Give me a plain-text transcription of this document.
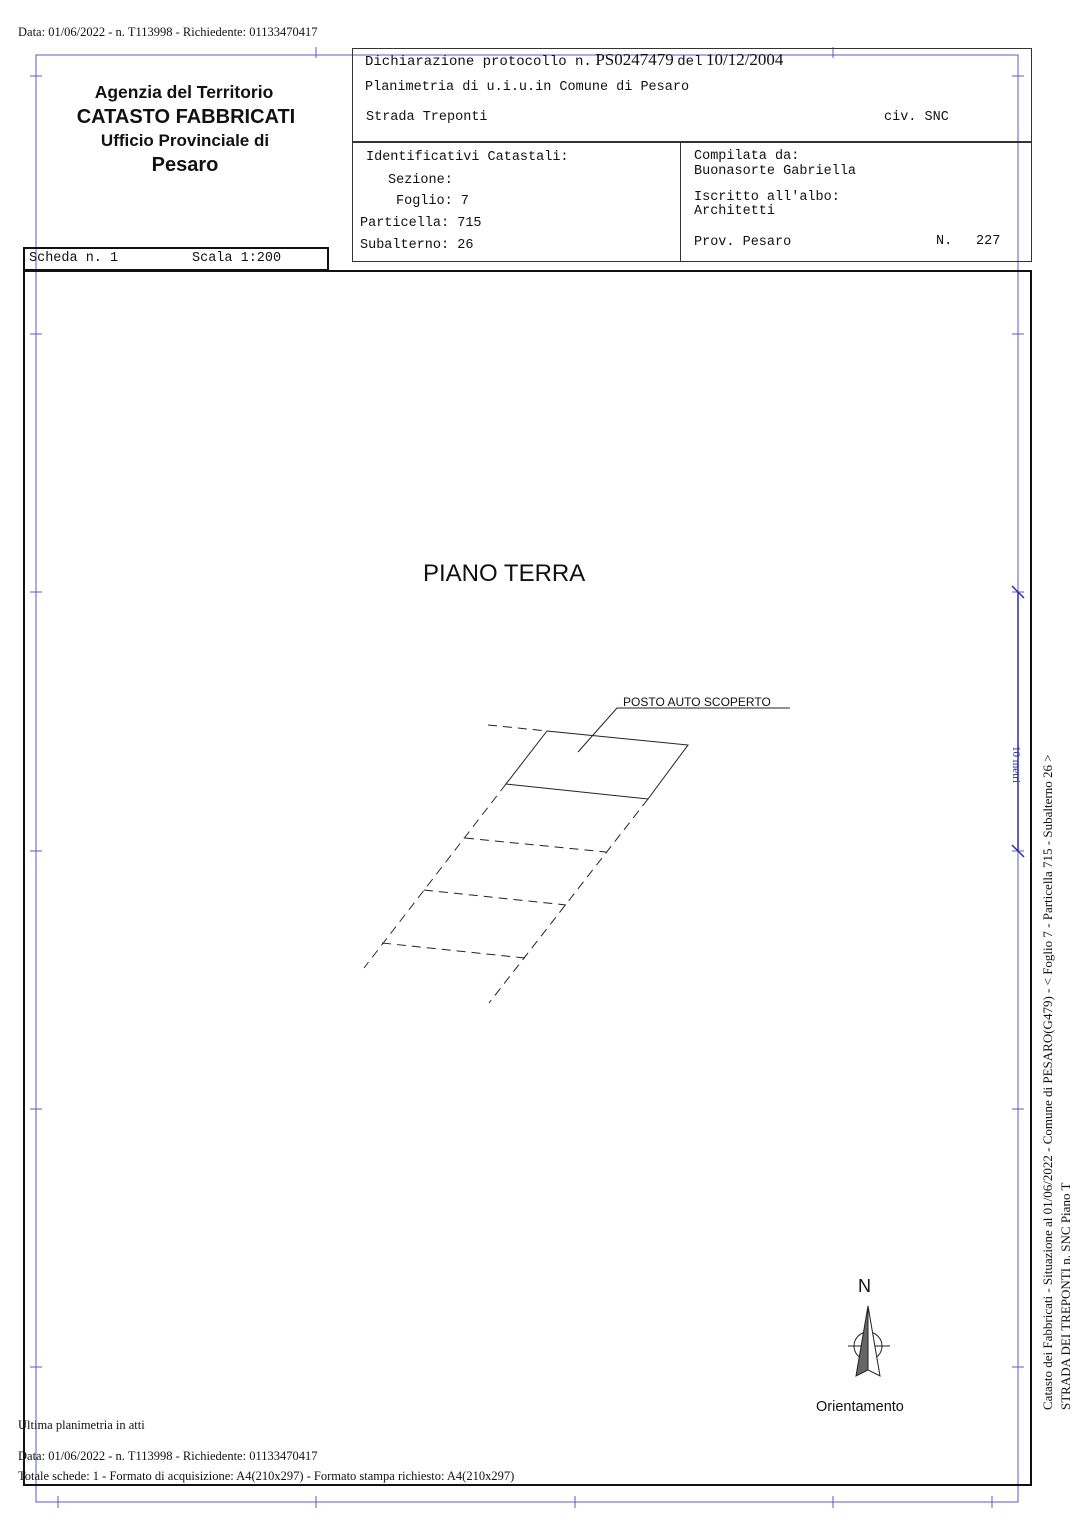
Data: 01/06/2022 - n. T113998 - Richiedente: 01133470417
Agenzia del Territorio
CATASTO FABBRICATI
Ufficio Provinciale di
Pesaro
Dichiarazione protocollo n. PS0247479 del 10/12/2004
Planimetria di u.i.u.in Comune di Pesaro
Strada Treponti	civ. SNC
Identificativi Catastali:
Sezione:
Foglio: 7
Particella: 715
Subalterno: 26
Compilata da:
Buonasorte Gabriella
Iscritto all'albo:
Architetti
Prov. Pesaro	N. 227
Scheda n. 1	Scala 1:200
PIANO TERRA
POSTO AUTO SCOPERTO
N
Orientamento
Ultima planimetria in atti
Data: 01/06/2022 - n. T113998 - Richiedente: 01133470417
Totale schede: 1 - Formato di acquisizione: A4(210x297) - Formato stampa richiesto: A4(210x297)
10 metri Catasto dei Fabbricati - Situazione al 01/06/2022 - Comune di PESARO(G479) - < Foglio 7 - Particella 715 - Subalterno 26 > STRADA DEI TREPONTI n. SNC Piano T
